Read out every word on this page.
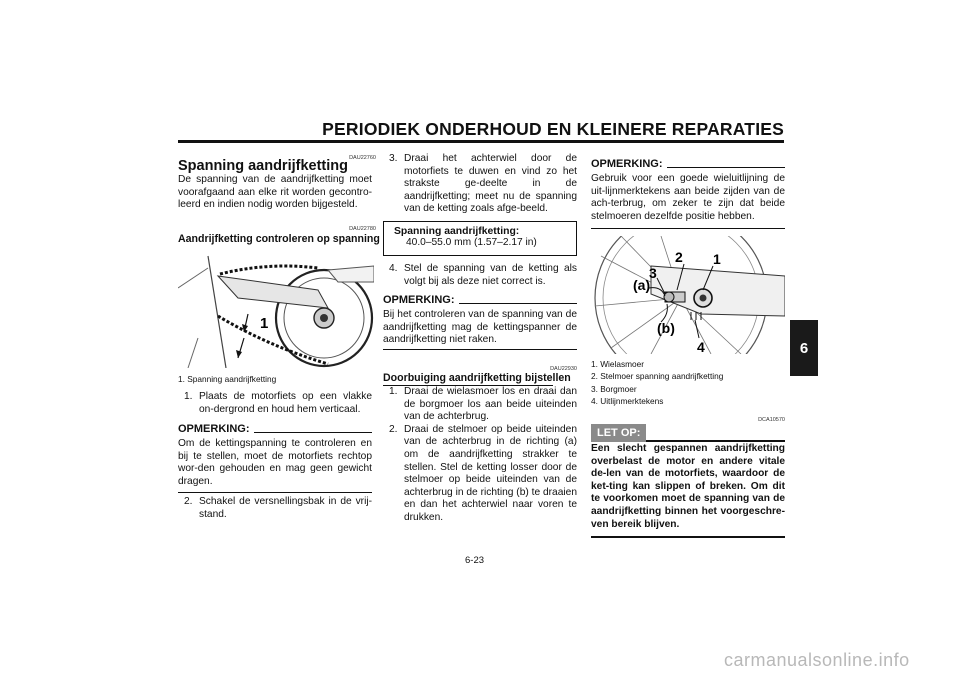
PERIODIEK ONDERHOUD EN KLEINERE REPARATIES
6
DAU22760
Spanning aandrijfketting
De spanning van de aandrijfketting moet voorafgaand aan elke rit worden gecontro-leerd en indien nodig worden bijgesteld.
DAU22780
Aandrijfketting controleren op spanning
1
1. Spanning aandrijfketting
1. Plaats de motorfiets op een vlakke on-dergrond en houd hem verticaal.
OPMERKING:
Om de kettingspanning te controleren en bij te stellen, moet de motorfiets rechtop wor-den gehouden en mag geen gewicht dragen.
2. Schakel de versnellingsbak in de vrij-stand.
3. Draai het achterwiel door de motorfiets te duwen en vind zo het strakste ge-deelte in de aandrijfketting; meet nu de spanning van de ketting zoals afge-beeld.
Spanning aandrijfketting:
40.0–55.0 mm (1.57–2.17 in)
4. Stel de spanning van de ketting als volgt bij als deze niet correct is.
OPMERKING:
Bij het controleren van de spanning van de aandrijfketting mag de kettingspanner de aandrijfketting niet raken.
DAU22930
Doorbuiging aandrijfketting bijstellen
1. Draai de wielasmoer los en draai dan de borgmoer los aan beide uiteinden van de achterbrug.
2. Draai de stelmoer op beide uiteinden van de achterbrug in de richting (a) om de aandrijfketting strakker te stellen. Stel de ketting losser door de stelmoer op beide uiteinden van de achterbrug in de richting (b) te draaien en dan het achterwiel naar voren te drukken.
OPMERKING:
Gebruik voor een goede wieluitlijning de uit-lijnmerktekens aan beide zijden van de ach-terbrug, om zeker te zijn dat beide stelmoeren dezelfde positie hebben.
1
2
3
4
(a)
(b)
1. Wielasmoer
2. Stelmoer spanning aandrijfketting
3. Borgmoer
4. Uitlijnmerktekens
DCA10570
LET OP:
Een slecht gespannen aandrijfketting overbelast de motor en andere vitale de-len van de motorfiets, waardoor de ket-ting kan slippen of breken. Om dit te voorkomen moet de spanning van de aandrijfketting binnen het voorgeschre-ven bereik blijven.
6-23
carmanualsonline.info
